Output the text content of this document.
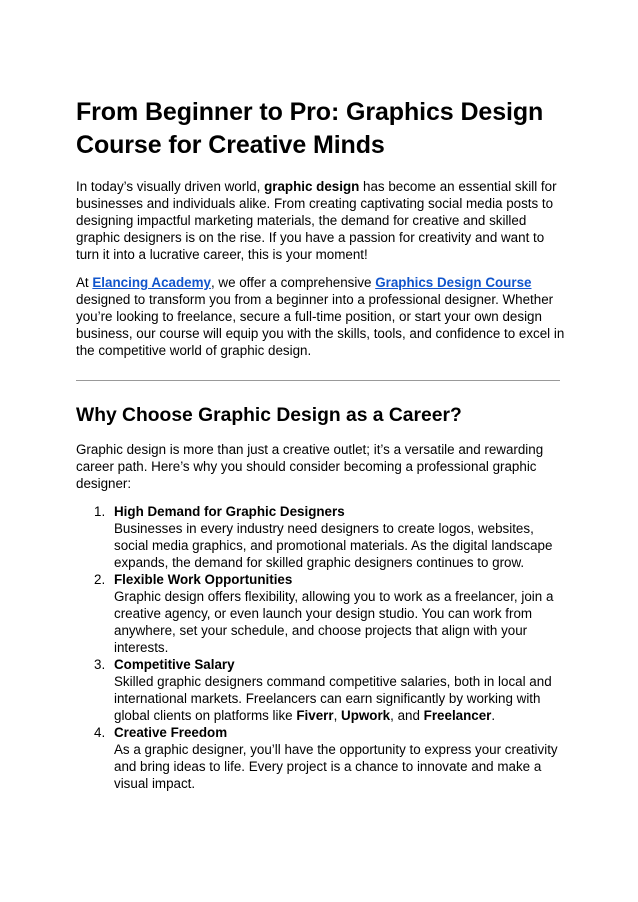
From Beginner to Pro: Graphics Design Course for Creative Minds

In today’s visually driven world, graphic design has become an essential skill for businesses and individuals alike. From creating captivating social media posts to designing impactful marketing materials, the demand for creative and skilled graphic designers is on the rise. If you have a passion for creativity and want to turn it into a lucrative career, this is your moment!

At Elancing Academy, we offer a comprehensive Graphics Design Course designed to transform you from a beginner into a professional designer. Whether you’re looking to freelance, secure a full-time position, or start your own design business, our course will equip you with the skills, tools, and confidence to excel in the competitive world of graphic design.

Why Choose Graphic Design as a Career?

Graphic design is more than just a creative outlet; it’s a versatile and rewarding career path. Here’s why you should consider becoming a professional graphic designer:

1. High Demand for Graphic Designers
Businesses in every industry need designers to create logos, websites, social media graphics, and promotional materials. As the digital landscape expands, the demand for skilled graphic designers continues to grow.
2. Flexible Work Opportunities
Graphic design offers flexibility, allowing you to work as a freelancer, join a creative agency, or even launch your design studio. You can work from anywhere, set your schedule, and choose projects that align with your interests.
3. Competitive Salary
Skilled graphic designers command competitive salaries, both in local and international markets. Freelancers can earn significantly by working with global clients on platforms like Fiverr, Upwork, and Freelancer.
4. Creative Freedom
As a graphic designer, you’ll have the opportunity to express your creativity and bring ideas to life. Every project is a chance to innovate and make a visual impact.
